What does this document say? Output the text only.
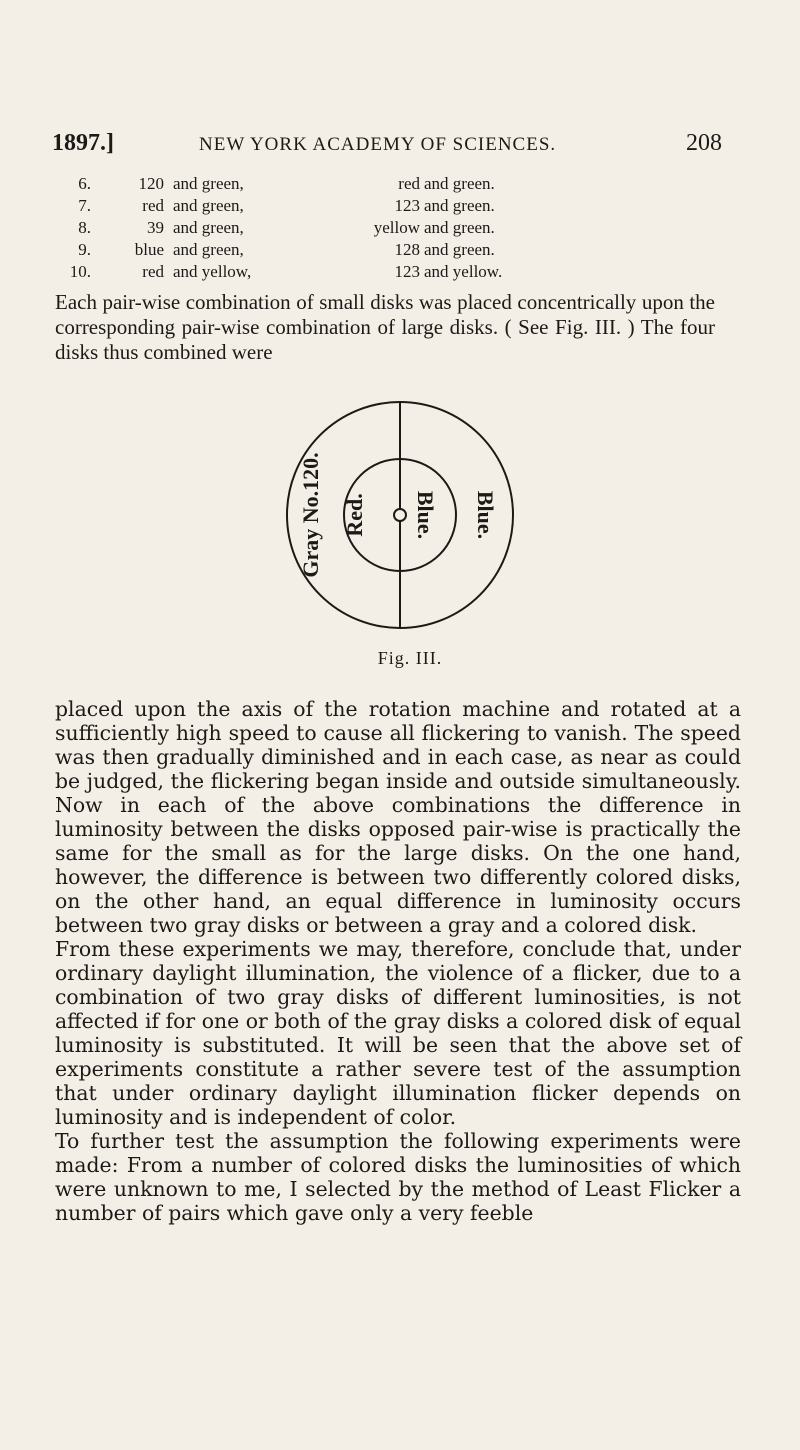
1897.]	NEW YORK ACADEMY OF SCIENCES.	208
6.	120 and green,	red and green.
7.	red and green,	123 and green.
8.	39 and green,	yellow and green.
9.	blue and green,	128 and green.
10.	red and yellow,	123 and yellow.
Each pair-wise combination of small disks was placed concentrically upon the corresponding pair-wise combination of large disks. ( See Fig. III. ) The four disks thus combined were
Gray No.120. Red. Blue. Blue.
Fig. III.

placed upon the axis of the rotation machine and rotated at a sufficiently high speed to cause all flickering to vanish. The speed was then gradually diminished and in each case, as near as could be judged, the flickering began inside and outside simultaneously. Now in each of the above combinations the difference in luminosity between the disks opposed pair-wise is practically the same for the small as for the large disks. On the one hand, however, the difference is between two differently colored disks, on the other hand, an equal difference in luminosity occurs between two gray disks or between a gray and a colored disk.

From these experiments we may, therefore, conclude that, under ordinary daylight illumination, the violence of a flicker, due to a combination of two gray disks of different luminosities, is not affected if for one or both of the gray disks a colored disk of equal luminosity is substituted. It will be seen that the above set of experiments constitute a rather severe test of the assumption that under ordinary daylight illumination flicker depends on luminosity and is independent of color.

To further test the assumption the following experiments were made: From a number of colored disks the luminosities of which were unknown to me, I selected by the method of Least Flicker a number of pairs which gave only a very feeble
